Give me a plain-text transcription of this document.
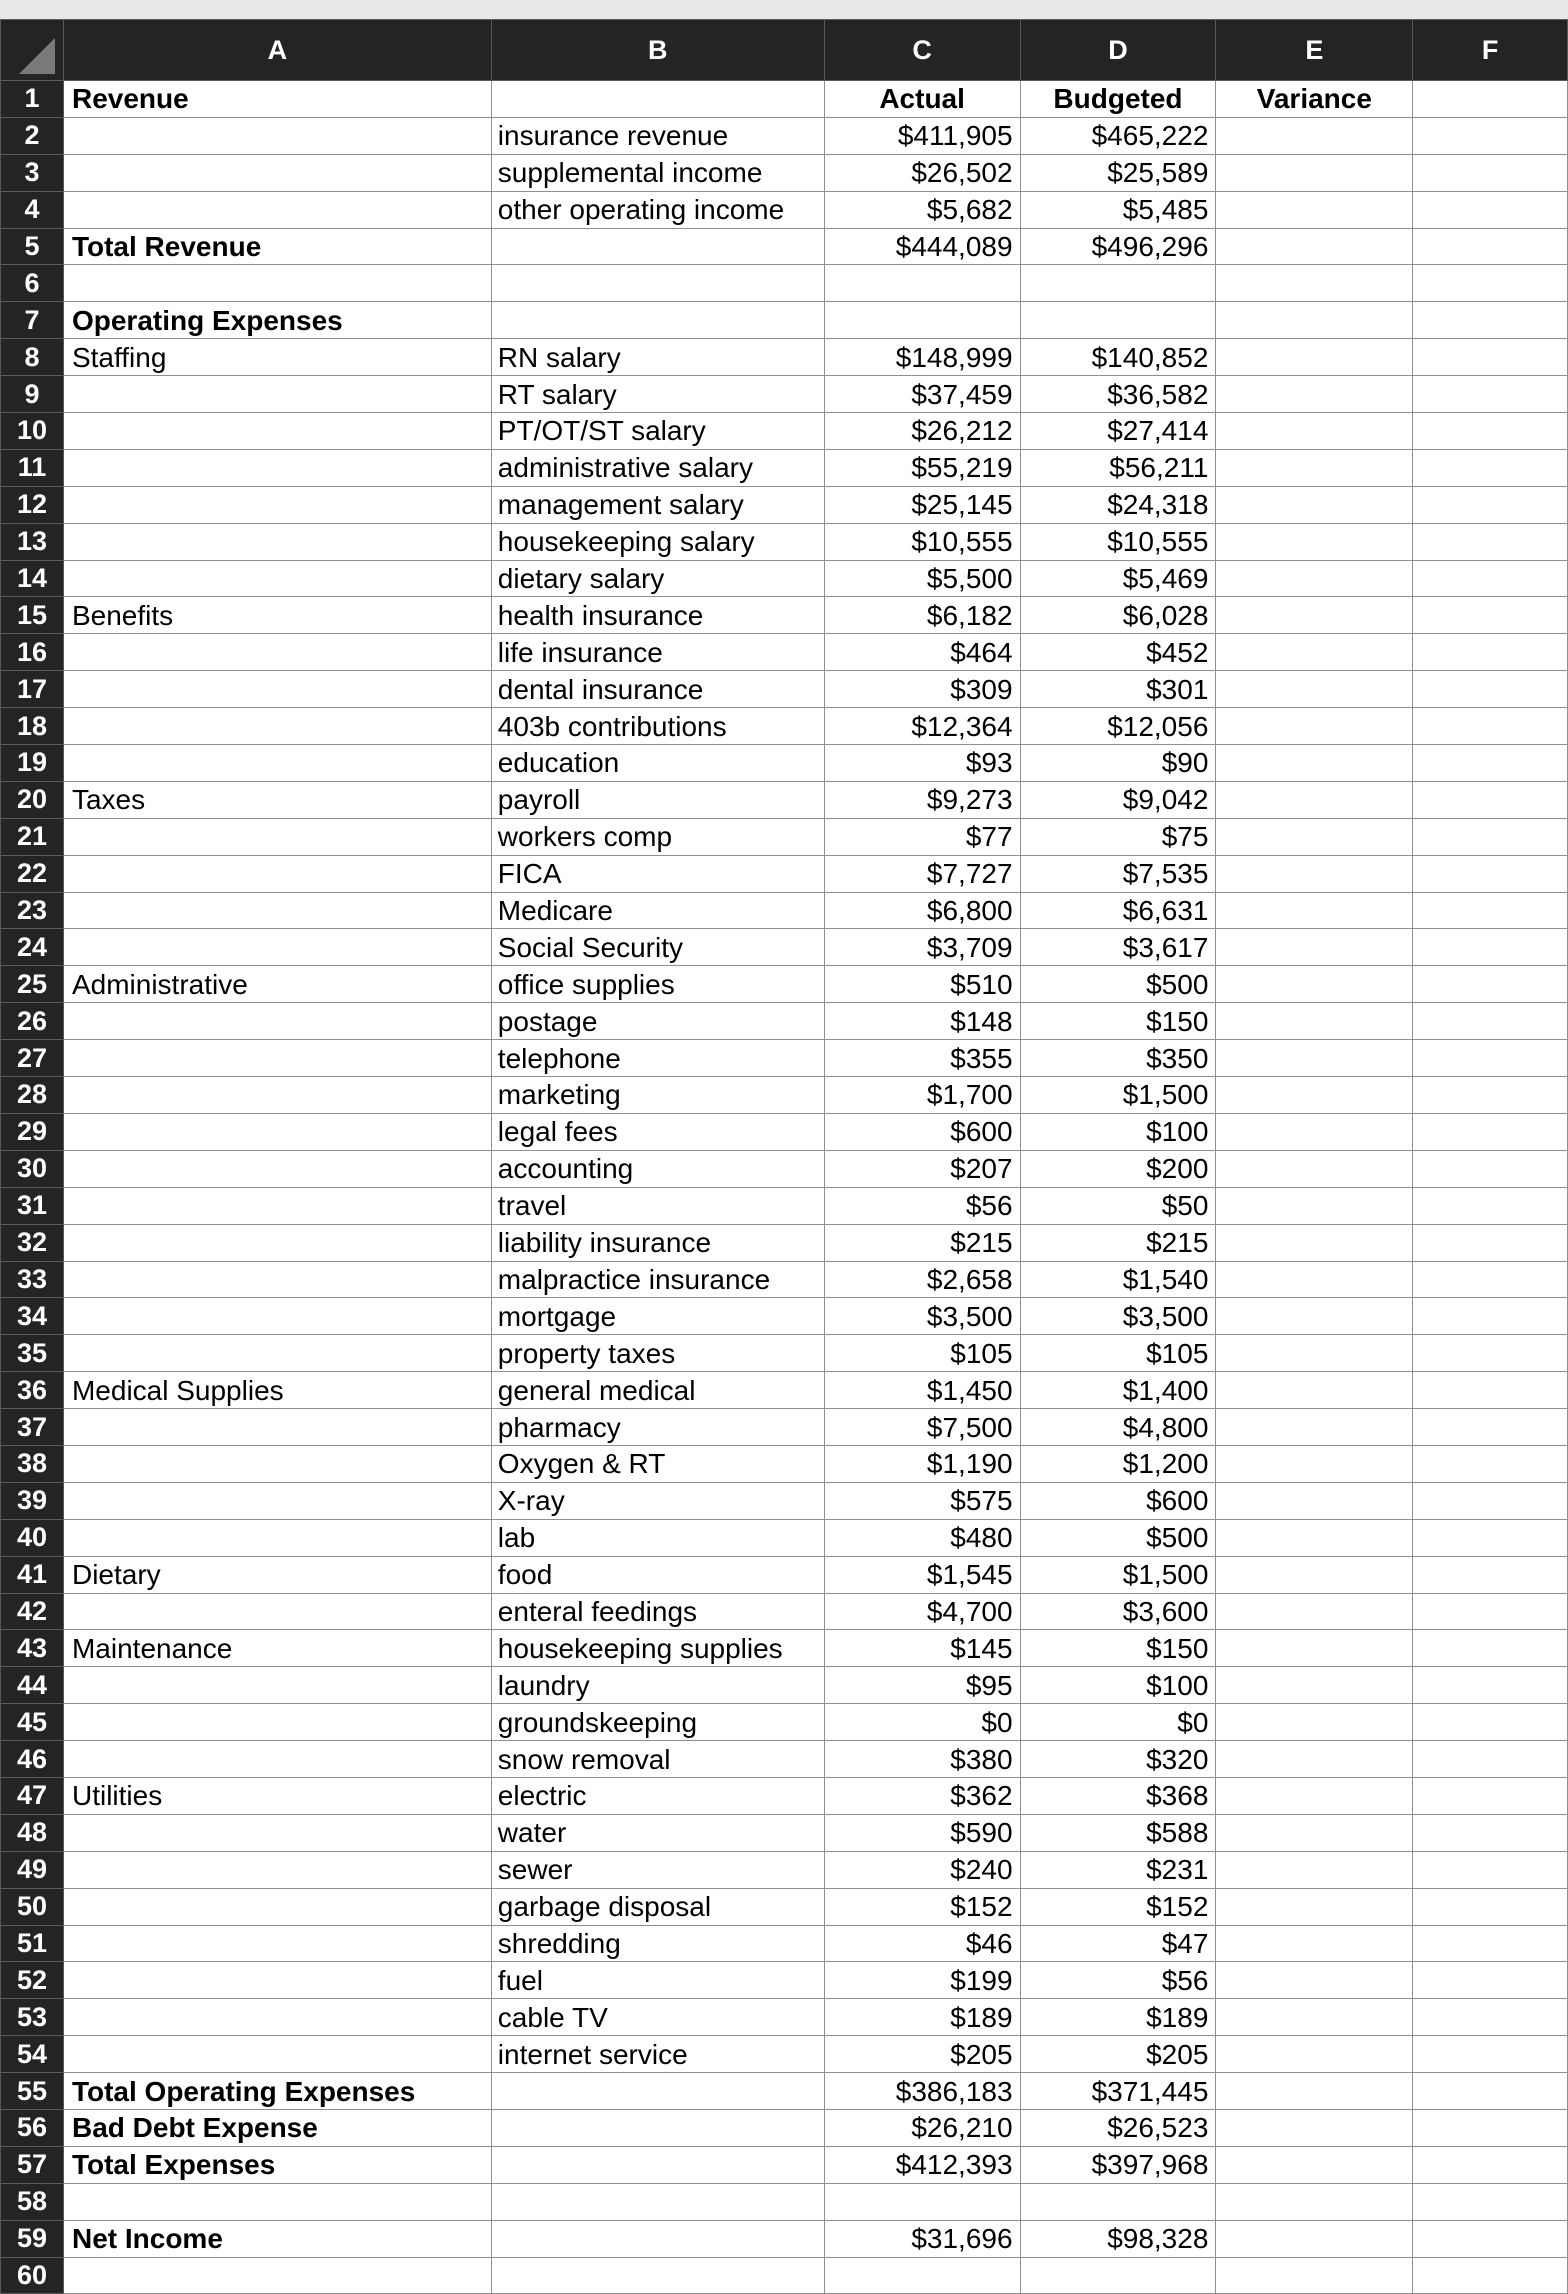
	A	B	C	D	E	F
1	Revenue		Actual	Budgeted	Variance	
2		insurance revenue	$411,905	$465,222		
3		supplemental income	$26,502	$25,589		
4		other operating income	$5,682	$5,485		
5	Total Revenue		$444,089	$496,296		
6						
7	Operating Expenses					
8	Staffing	RN salary	$148,999	$140,852		
9		RT salary	$37,459	$36,582		
10		PT/OT/ST salary	$26,212	$27,414		
11		administrative salary	$55,219	$56,211		
12		management salary	$25,145	$24,318		
13		housekeeping salary	$10,555	$10,555		
14		dietary salary	$5,500	$5,469		
15	Benefits	health insurance	$6,182	$6,028		
16		life insurance	$464	$452		
17		dental insurance	$309	$301		
18		403b contributions	$12,364	$12,056		
19		education	$93	$90		
20	Taxes	payroll	$9,273	$9,042		
21		workers comp	$77	$75		
22		FICA	$7,727	$7,535		
23		Medicare	$6,800	$6,631		
24		Social Security	$3,709	$3,617		
25	Administrative	office supplies	$510	$500		
26		postage	$148	$150		
27		telephone	$355	$350		
28		marketing	$1,700	$1,500		
29		legal fees	$600	$100		
30		accounting	$207	$200		
31		travel	$56	$50		
32		liability insurance	$215	$215		
33		malpractice insurance	$2,658	$1,540		
34		mortgage	$3,500	$3,500		
35		property taxes	$105	$105		
36	Medical Supplies	general medical	$1,450	$1,400		
37		pharmacy	$7,500	$4,800		
38		Oxygen & RT	$1,190	$1,200		
39		X-ray	$575	$600		
40		lab	$480	$500		
41	Dietary	food	$1,545	$1,500		
42		enteral feedings	$4,700	$3,600		
43	Maintenance	housekeeping supplies	$145	$150		
44		laundry	$95	$100		
45		groundskeeping	$0	$0		
46		snow removal	$380	$320		
47	Utilities	electric	$362	$368		
48		water	$590	$588		
49		sewer	$240	$231		
50		garbage disposal	$152	$152		
51		shredding	$46	$47		
52		fuel	$199	$56		
53		cable TV	$189	$189		
54		internet service	$205	$205		
55	Total Operating Expenses		$386,183	$371,445		
56	Bad Debt Expense		$26,210	$26,523		
57	Total Expenses		$412,393	$397,968		
58						
59	Net Income		$31,696	$98,328		
60						
